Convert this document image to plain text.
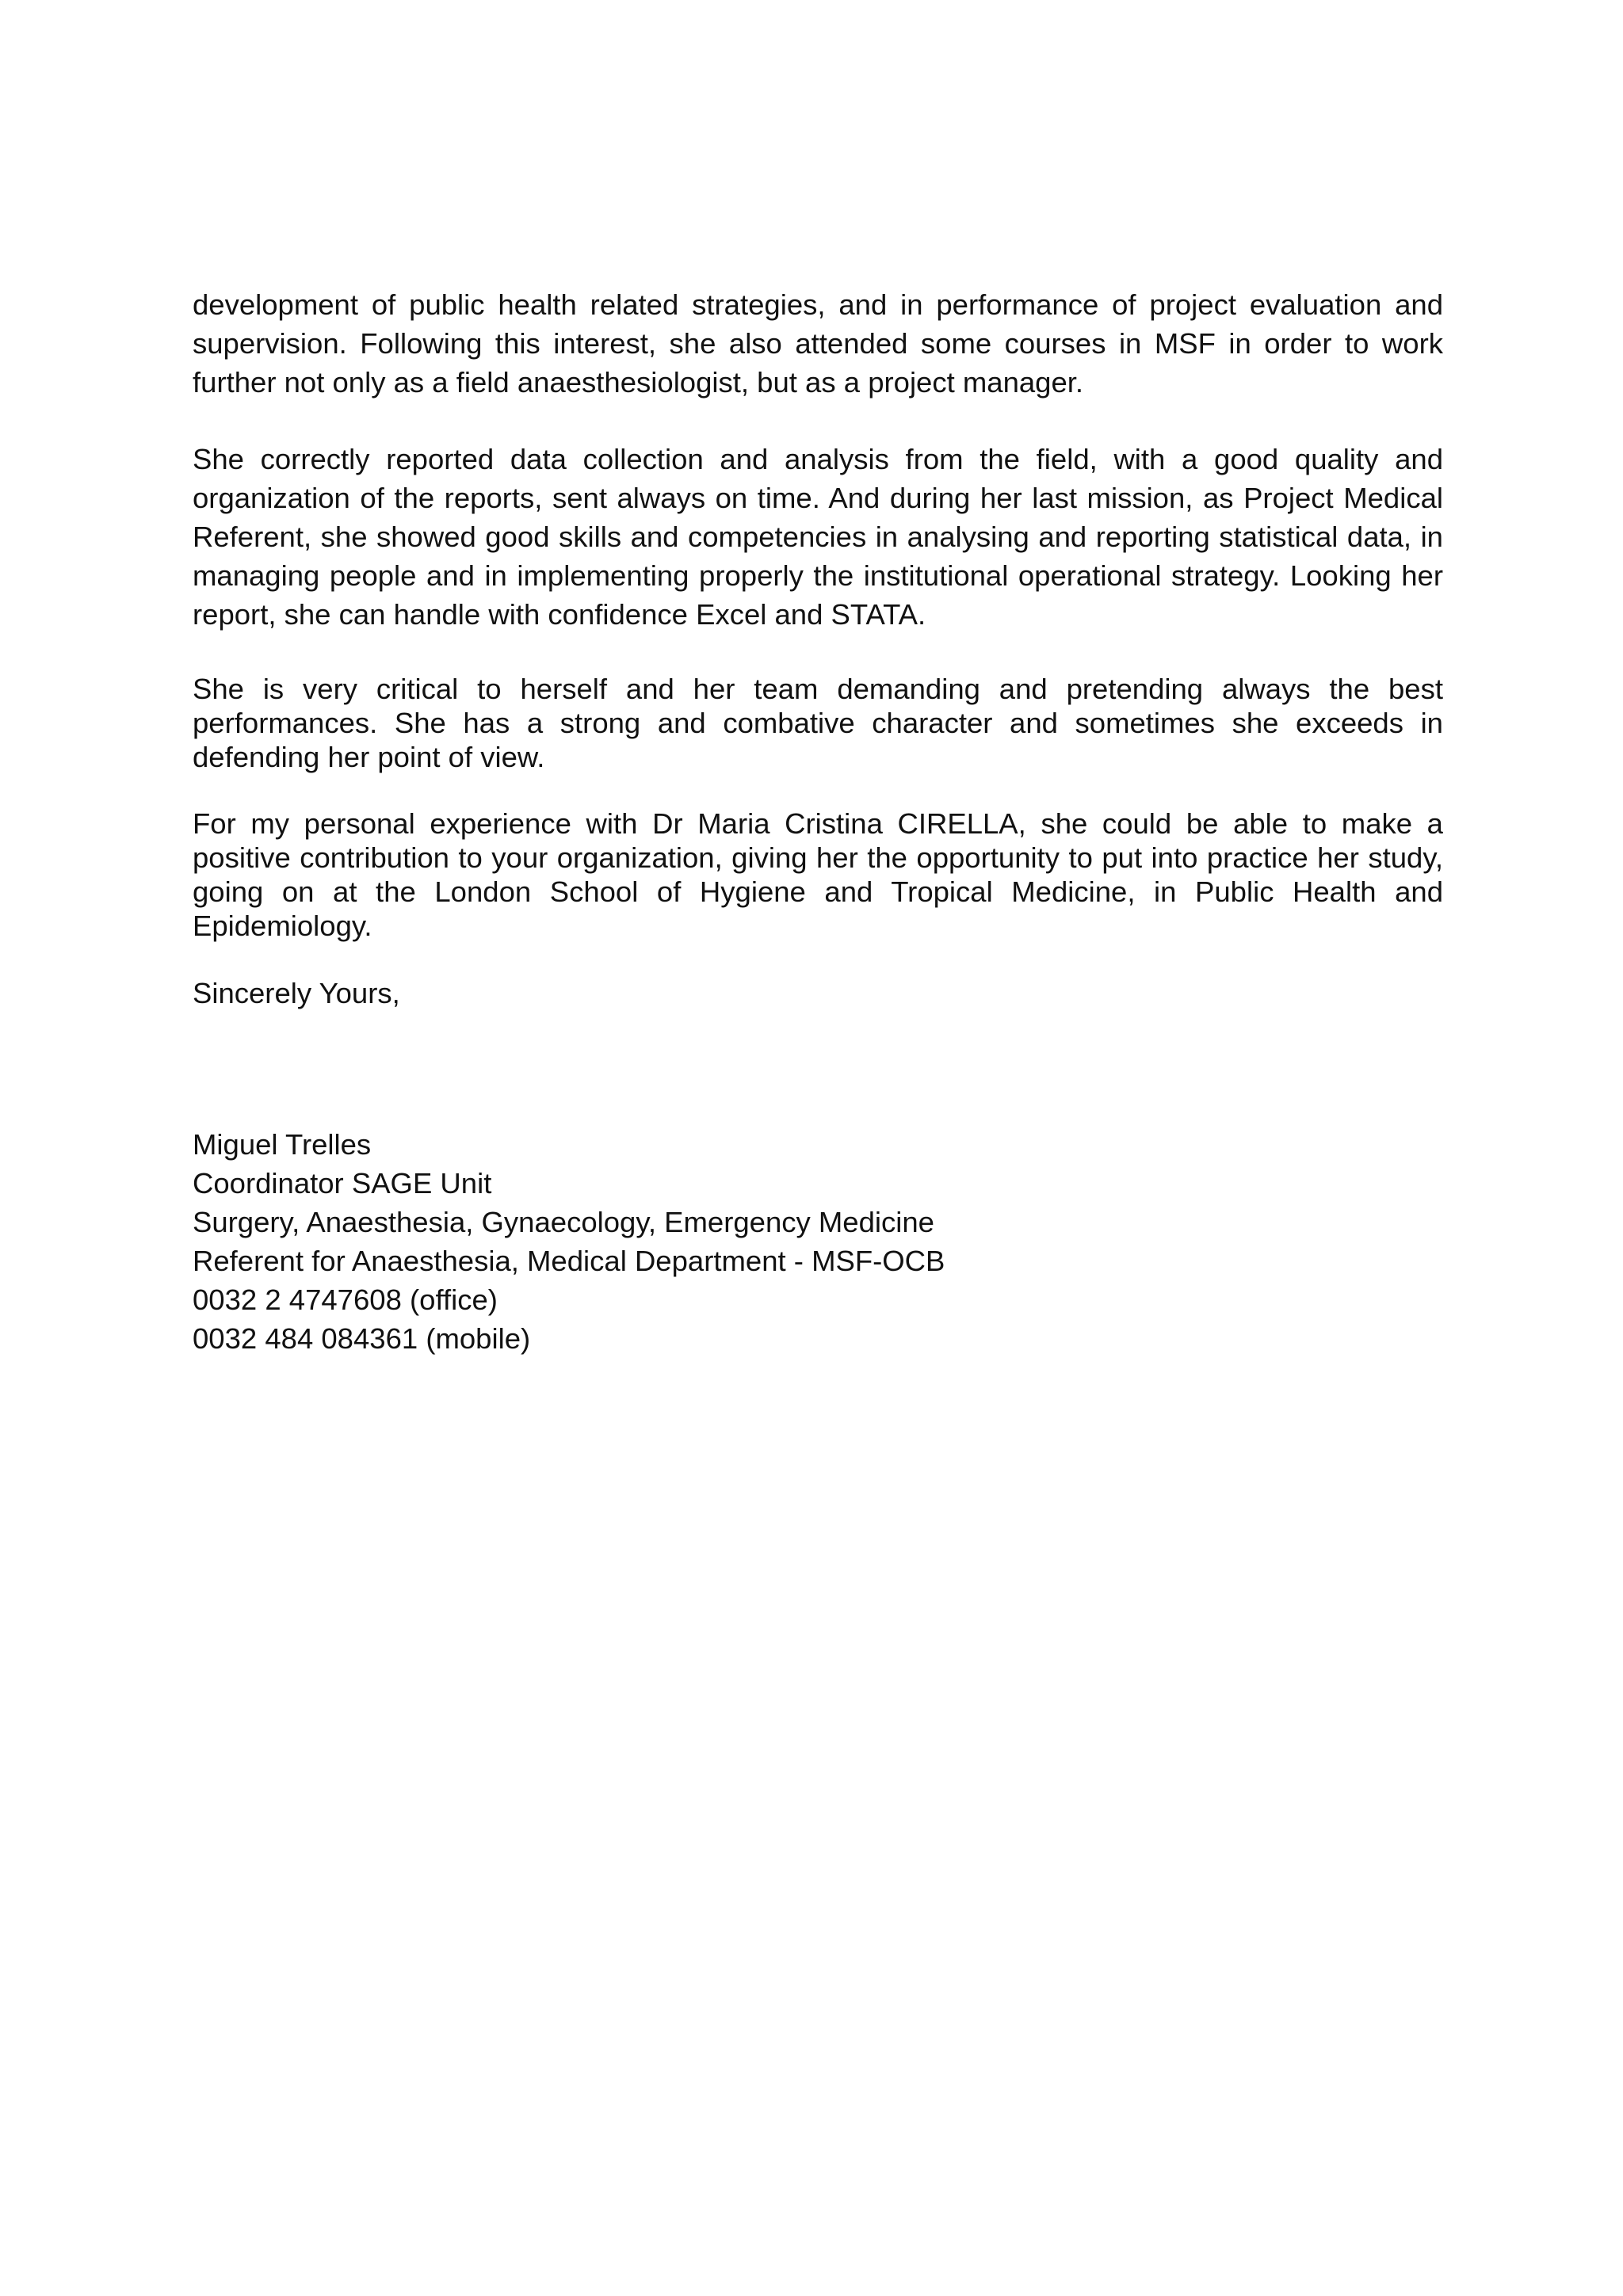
development of public health related strategies, and in performance of project evaluation and supervision. Following this interest, she also attended some courses in MSF in order to work further not only as a field anaesthesiologist, but as a project manager.

She correctly reported data collection and analysis from the field, with a good quality and organization of the reports, sent always on time. And during her last mission, as Project Medical Referent, she showed good skills and competencies in analysing and reporting statistical data, in managing people and in implementing properly the institutional operational strategy. Looking her report, she can handle with confidence Excel and STATA.

She is very critical to herself and her team demanding and pretending always the best performances. She has a strong and combative character and sometimes she exceeds in defending her point of view.

For my personal experience with Dr Maria Cristina CIRELLA, she could be able to make a positive contribution to your organization, giving her the opportunity to put into practice her study, going on at the London School of Hygiene and Tropical Medicine, in Public Health and Epidemiology.

Sincerely Yours,

Miguel Trelles
Coordinator SAGE Unit
Surgery, Anaesthesia, Gynaecology, Emergency Medicine
Referent for Anaesthesia, Medical Department - MSF-OCB
0032 2 4747608 (office)
0032 484 084361 (mobile)
